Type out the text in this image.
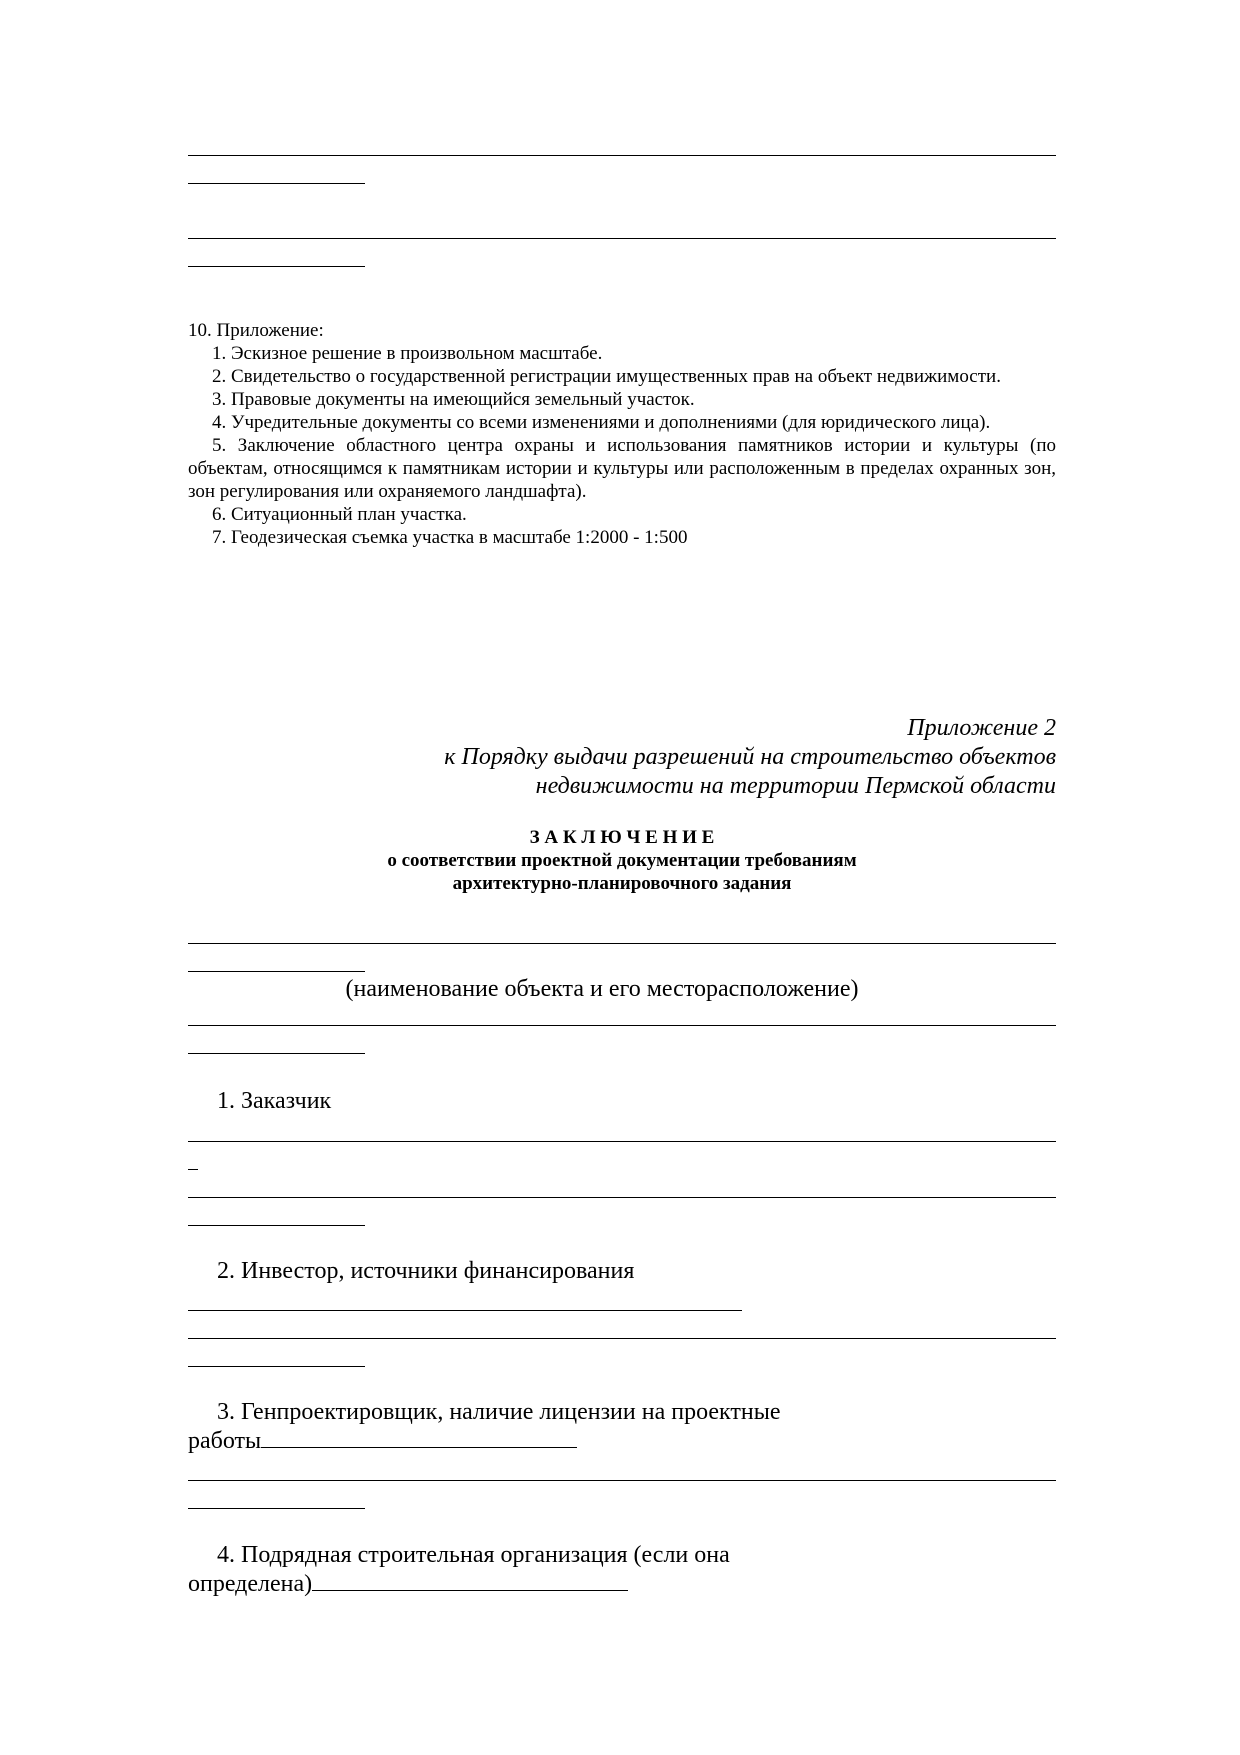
10. Приложение:

1. Эскизное решение в произвольном масштабе.

2. Свидетельство о государственной регистрации имущественных прав на объект недвижимости.

3. Правовые документы на имеющийся земельный участок.

4. Учредительные документы со всеми изменениями и дополнениями (для юридического лица).

5. Заключение областного центра охраны и использования памятников истории и культуры (по объектам, относящимся к памятникам истории и культуры или расположенным в пределах охранных зон, зон регулирования или охраняемого ландшафта).

6. Ситуационный план участка.

7. Геодезическая съемка участка в масштабе 1:2000 - 1:500

Приложение 2

к Порядку выдачи разрешений на строительство объектов

недвижимости на территории Пермской области

З А К Л Ю Ч Е Н И Е

о соответствии проектной документации требованиям

архитектурно-планировочного задания

(наименование объекта и его месторасположение)
1. Заказчик
2. Инвестор, источники финансирования

3. Генпроектировщик, наличие лицензии на проектные

работы

4. Подрядная строительная организация (если она

определена)
